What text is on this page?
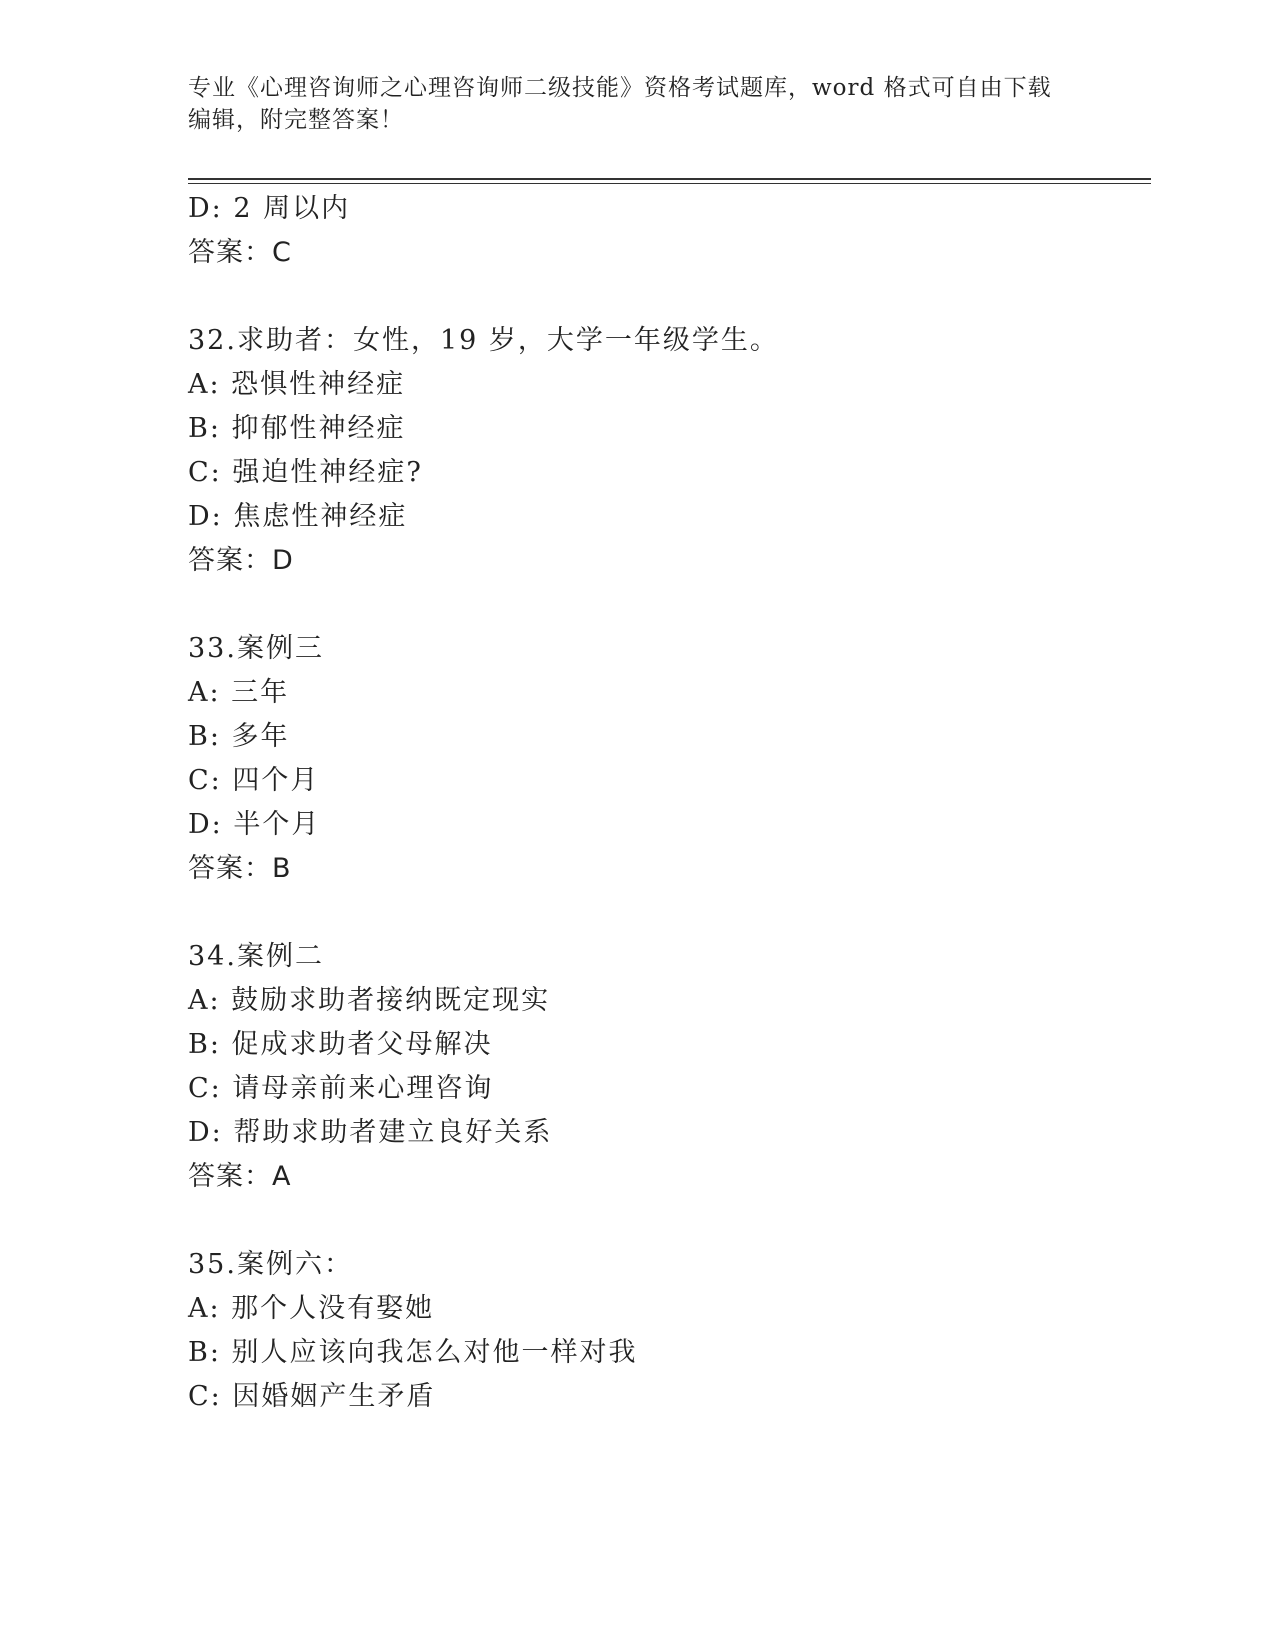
专业《心理咨询师之心理咨询师二级技能》资格考试题库，word 格式可自由下载
编辑，附完整答案！
D: 2 周以内
答案：C
32.求助者：女性，19 岁，大学一年级学生。
A: 恐惧性神经症
B: 抑郁性神经症
C: 强迫性神经症?
D: 焦虑性神经症
答案：D
33.案例三
A: 三年
B: 多年
C: 四个月
D: 半个月
答案：B
34.案例二
A: 鼓励求助者接纳既定现实
B: 促成求助者父母解决
C: 请母亲前来心理咨询
D: 帮助求助者建立良好关系
答案：A
35.案例六：
A: 那个人没有娶她
B: 别人应该向我怎么对他一样对我
C: 因婚姻产生矛盾
